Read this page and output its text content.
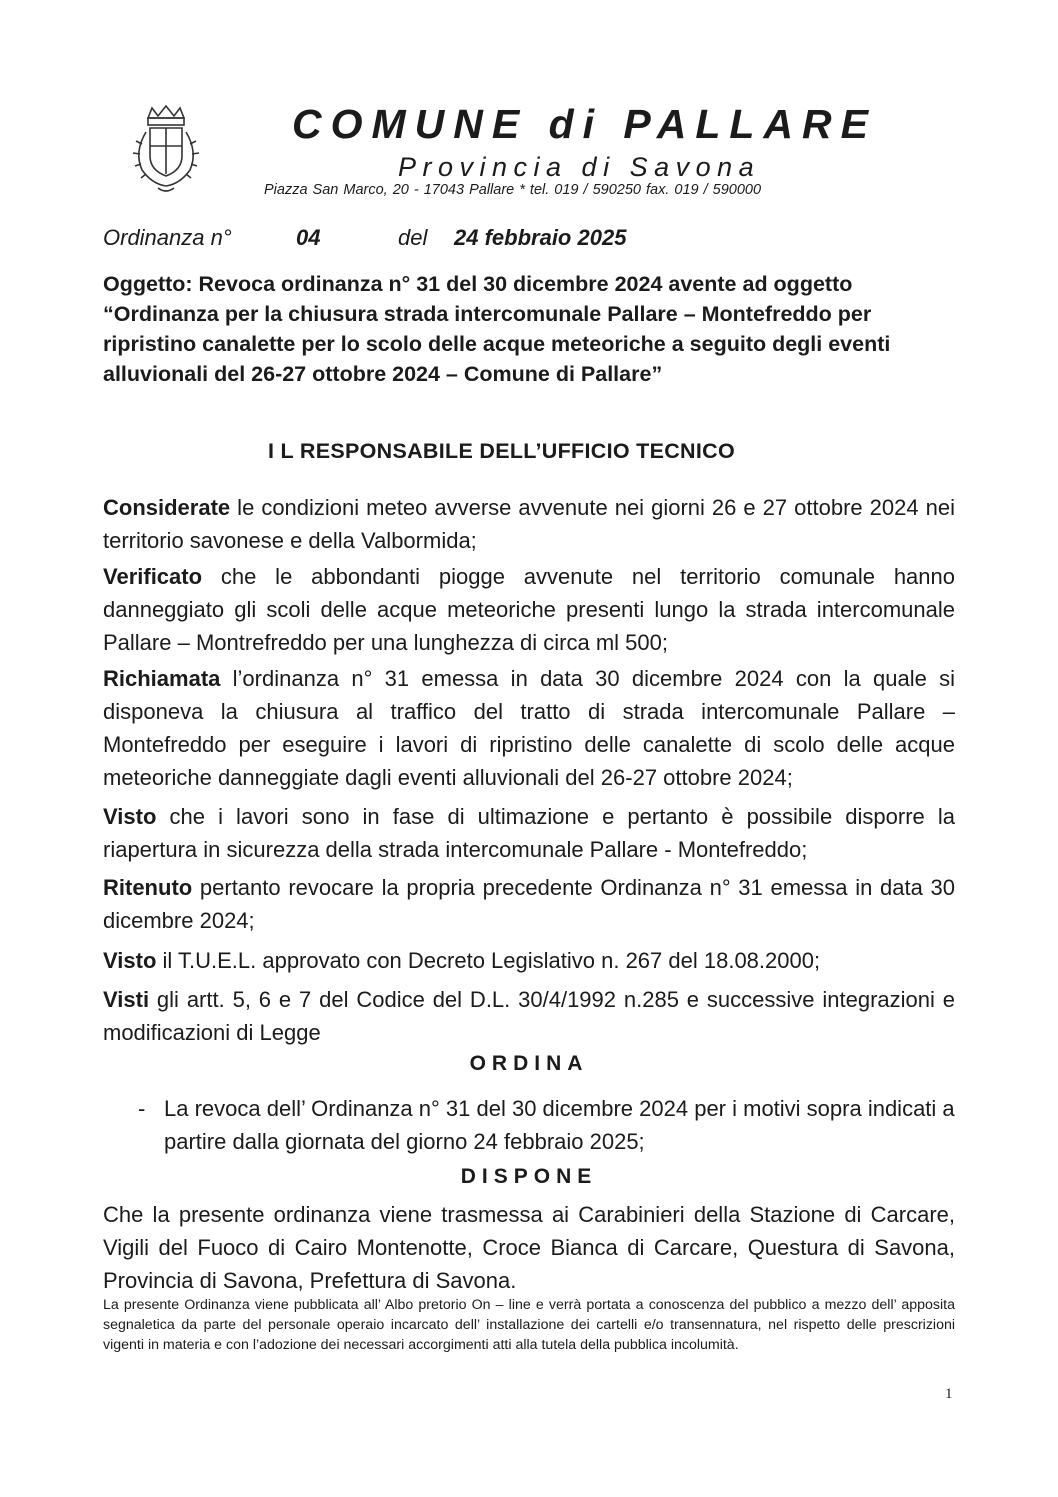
COMUNE di PALLARE
Provincia di Savona
Piazza San Marco, 20 - 17043 Pallare * tel. 019 / 590250 fax. 019 / 590000
Ordinanza n°	04	del 24 febbraio 2025
Oggetto: Revoca ordinanza n° 31 del 30 dicembre 2024 avente ad oggetto “Ordinanza per la chiusura strada intercomunale Pallare – Montefreddo per ripristino canalette per lo scolo delle acque meteoriche a seguito degli eventi alluvionali del 26-27 ottobre 2024 – Comune di Pallare”
I L RESPONSABILE DELL’UFFICIO TECNICO

Considerate le condizioni meteo avverse avvenute nei giorni 26 e 27 ottobre 2024 nei territorio savonese e della Valbormida;

Verificato che le abbondanti piogge avvenute nel territorio comunale hanno danneggiato gli scoli delle acque meteoriche presenti lungo la strada intercomunale Pallare – Montrefreddo per una lunghezza di circa ml 500;

Richiamata l’ordinanza n° 31 emessa in data 30 dicembre 2024 con la quale si disponeva la chiusura al traffico del tratto di strada intercomunale Pallare – Montefreddo per eseguire i lavori di ripristino delle canalette di scolo delle acque meteoriche danneggiate dagli eventi alluvionali del 26-27 ottobre 2024;

Visto che i lavori sono in fase di ultimazione e pertanto è possibile disporre la riapertura in sicurezza della strada intercomunale Pallare - Montefreddo;

Ritenuto pertanto revocare la propria precedente Ordinanza n° 31 emessa in data 30 dicembre 2024;

Visto il T.U.E.L. approvato con Decreto Legislativo n. 267 del 18.08.2000;

Visti gli artt. 5, 6 e 7 del Codice del D.L. 30/4/1992 n.285 e successive integrazioni e modificazioni di Legge

ORDINA
- La revoca dell’ Ordinanza n° 31 del 30 dicembre 2024 per i motivi sopra indicati a partire dalla giornata del giorno 24 febbraio 2025;
DISPONE
Che la presente ordinanza viene trasmessa ai Carabinieri della Stazione di Carcare, Vigili del Fuoco di Cairo Montenotte, Croce Bianca di Carcare, Questura di Savona, Provincia di Savona, Prefettura di Savona.
La presente Ordinanza viene pubblicata all’ Albo pretorio On – line e verrà portata a conoscenza del pubblico a mezzo dell’ apposita segnaletica da parte del personale operaio incarcato dell’ installazione dei cartelli e/o transennatura, nel rispetto delle prescrizioni vigenti in materia e con l’adozione dei necessari accorgimenti atti alla tutela della pubblica incolumità.
1
